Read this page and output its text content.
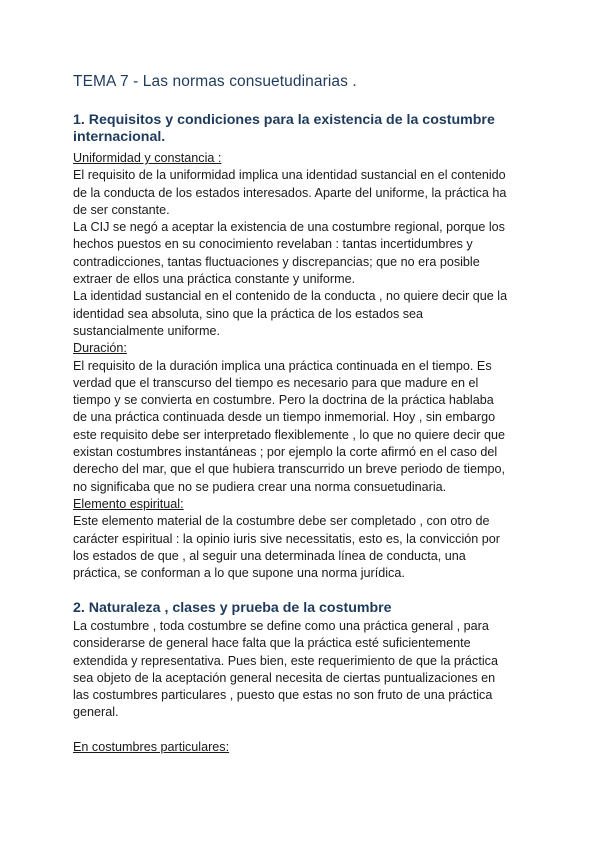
TEMA 7 - Las normas consuetudinarias .
1. Requisitos y condiciones para la existencia de la costumbre
internacional.
Uniformidad y constancia :
El requisito de la uniformidad implica una identidad sustancial en el contenido
de la conducta de los estados interesados. Aparte del uniforme, la práctica ha
de ser constante.
La CIJ se negó a aceptar la existencia de una costumbre regional, porque los
hechos puestos en su conocimiento revelaban : tantas incertidumbres y
contradicciones, tantas fluctuaciones y discrepancias; que no era posible
extraer de ellos una práctica constante y uniforme.
La identidad sustancial en el contenido de la conducta , no quiere decir que la
identidad sea absoluta, sino que la práctica de los estados sea
sustancialmente uniforme.
Duración:
El requisito de la duración implica una práctica continuada en el tiempo. Es
verdad que el transcurso del tiempo es necesario para que madure en el
tiempo y se convierta en costumbre. Pero la doctrina de la práctica hablaba
de una práctica continuada desde un tiempo inmemorial. Hoy , sin embargo
este requisito debe ser interpretado flexiblemente , lo que no quiere decir que
existan costumbres instantáneas ; por ejemplo la corte afirmó en el caso del
derecho del mar, que el que hubiera transcurrido un breve periodo de tiempo,
no significaba que no se pudiera crear una norma consuetudinaria.
Elemento espiritual:
Este elemento material de la costumbre debe ser completado , con otro de
carácter espiritual : la opinio iuris sive necessitatis, esto es, la convicción por
los estados de que , al seguir una determinada línea de conducta, una
práctica, se conforman a lo que supone una norma jurídica.
2. Naturaleza , clases y prueba de la costumbre
La costumbre , toda costumbre se define como una práctica general , para
considerarse de general hace falta que la práctica esté suficientemente
extendida y representativa. Pues bien, este requerimiento de que la práctica
sea objeto de la aceptación general necesita de ciertas puntualizaciones en
las costumbres particulares , puesto que estas no son fruto de una práctica
general.
En costumbres particulares:
